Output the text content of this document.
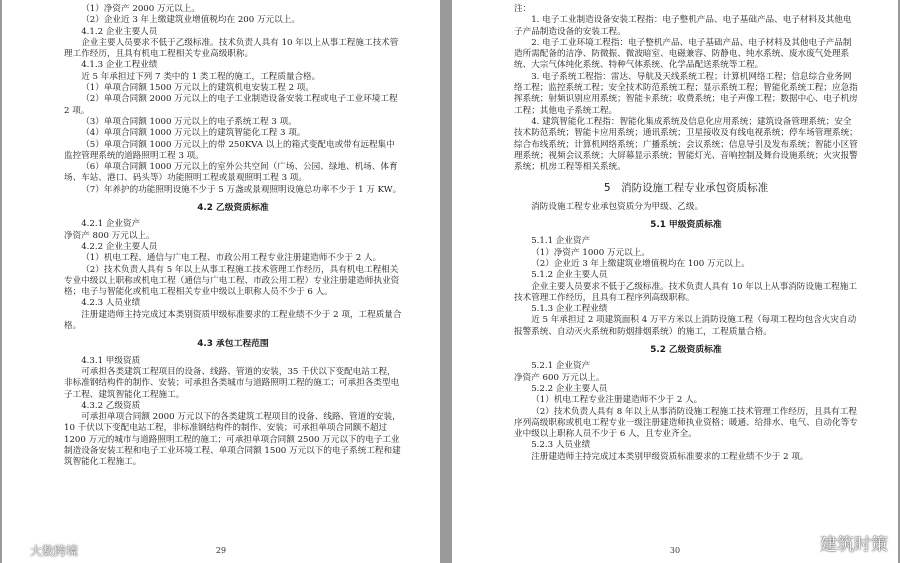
（1）净资产 2000 万元以上。
（2）企业近 3 年上缴建筑业增值税均在 200 万元以上。
4.1.2 企业主要人员
企业主要人员要求不低于乙级标准。技术负责人具有 10 年以上从事工程施工技术管理工作经历，且具有机电工程相关专业高级职称。
4.1.3 企业工程业绩
近 5 年承担过下列 7 类中的 1 类工程的施工，工程质量合格。
（1）单项合同额 1500 万元以上的建筑机电安装工程 2 项。
（2）单项合同额 2000 万元以上的电子工业制造设备安装工程或电子工业环境工程 2 项。
（3）单项合同额 1000 万元以上的电子系统工程 3 项。
（4）单项合同额 1000 万元以上的建筑智能化工程 3 项。
（5）单项合同额 1000 万元以上的带 250KVA 以上的箱式变配电或带有远程集中监控管理系统的道路照明工程 3 项。
（6）单项合同额 1000 万元以上的室外公共空间（广场、公园、绿地、机场、体育场、车站、港口、码头等）功能照明工程或景观照明工程 3 项。
（7）年养护的功能照明设施不少于 5 万盏或景观照明设施总功率不少于 1 万 KW。
4.2 乙级资质标准
4.2.1 企业资产
净资产 800 万元以上。
4.2.2 企业主要人员
（1）机电工程、通信与广电工程、市政公用工程专业注册建造师不少于 2 人。
（2）技术负责人具有 5 年以上从事工程施工技术管理工作经历，具有机电工程相关专业中级以上职称或机电工程（通信与广电工程、市政公用工程）专业注册建造师执业资格；电子与智能化或机电工程相关专业中级以上职称人员不少于 6 人。
4.2.3 人员业绩
注册建造师主持完成过本类别资质甲级标准要求的工程业绩不少于 2 项，工程质量合格。
4.3 承包工程范围
4.3.1 甲级资质
可承担各类建筑工程项目的设备、线路、管道的安装，35 千伏以下变配电站工程，非标准钢结构件的制作、安装；可承担各类城市与道路照明工程的施工；可承担各类型电子工程、建筑智能化工程施工。
4.3.2 乙级资质
可承担单项合同额 2000 万元以下的各类建筑工程项目的设备、线路、管道的安装，10 千伏以下变配电站工程，非标准钢结构件的制作、安装；可承担单项合同额不超过 1200 万元的城市与道路照明工程的施工；可承担单项合同额 2500 万元以下的电子工业制造设备安装工程和电子工业环境工程、单项合同额 1500 万元以下的电子系统工程和建筑智能化工程施工。
29
注：
1. 电子工业制造设备安装工程指：电子整机产品、电子基础产品、电子材料及其他电子产品制造设备的安装工程。
2. 电子工业环境工程指：电子整机产品、电子基础产品、电子材料及其他电子产品制造所需配备的洁净、防微振、微波暗室、电磁兼容、防静电、纯水系统、废水废气处理系统、大宗气体纯化系统、特种气体系统、化学品配送系统等工程。
3. 电子系统工程指：雷达、导航及天线系统工程；计算机网络工程；信息综合业务网络工程；监控系统工程；安全技术防范系统工程；显示系统工程；智能化系统工程；应急指挥系统；射频识别应用系统；智能卡系统；收费系统；电子声像工程；数据中心、电子机房工程；其他电子系统工程。
4. 建筑智能化工程指：智能化集成系统及信息化应用系统；建筑设备管理系统；安全技术防范系统；智能卡应用系统；通讯系统；卫星接收及有线电视系统；停车场管理系统；综合布线系统；计算机网络系统；广播系统；会议系统；信息导引及发布系统；智能小区管理系统；视频会议系统；大屏幕显示系统；智能灯光、音响控制及舞台设施系统；火灾报警系统；机房工程等相关系统。
5　消防设施工程专业承包资质标准
消防设施工程专业承包资质分为甲级、乙级。
5.1 甲级资质标准
5.1.1 企业资产
（1）净资产 1000 万元以上。
（2）企业近 3 年上缴建筑业增值税均在 100 万元以上。
5.1.2 企业主要人员
企业主要人员要求不低于乙级标准。技术负责人具有 10 年以上从事消防设施工程施工技术管理工作经历，且具有工程序列高级职称。
5.1.3 企业工程业绩
近 5 年承担过 2 项建筑面积 4 万平方米以上消防设施工程（每项工程均包含火灾自动报警系统、自动灭火系统和防烟排烟系统）的施工，工程质量合格。
5.2 乙级资质标准
5.2.1 企业资产
净资产 600 万元以上。
5.2.2 企业主要人员
（1）机电工程专业注册建造师不少于 2 人。
（2）技术负责人具有 8 年以上从事消防设施工程施工技术管理工作经历，且具有工程序列高级职称或机电工程专业一级注册建造师执业资格；暖通、给排水、电气、自动化等专业中级以上职称人员不少于 6 人，且专业齐全。
5.2.3 人员业绩
注册建造师主持完成过本类别甲级资质标准要求的工程业绩不少于 2 项。
30
大数跨境	建筑时策
